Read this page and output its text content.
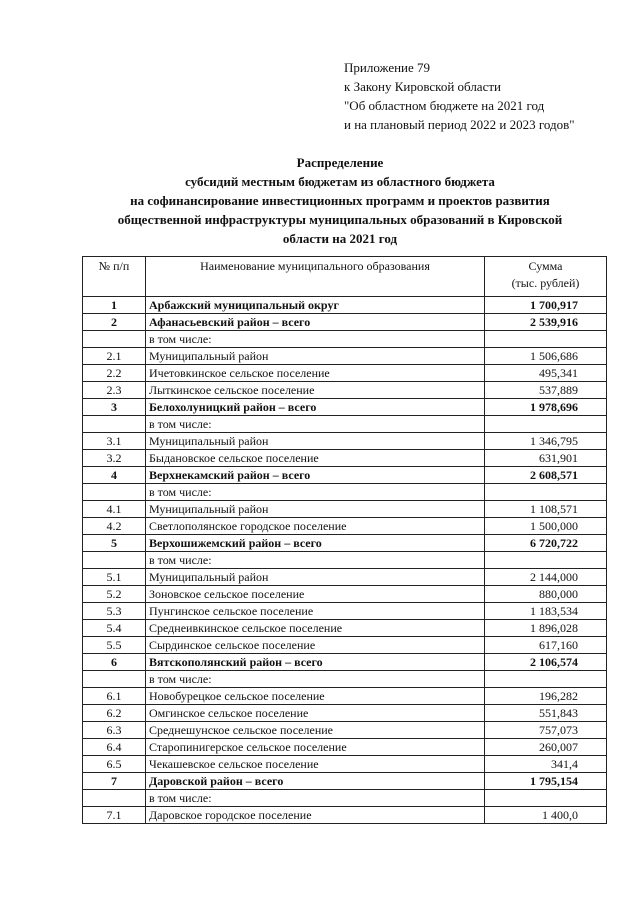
Приложение 79
к Закону Кировской области
"Об областном бюджете на 2021 год
и на плановый период 2022 и 2023 годов"
Распределение
субсидий местным бюджетам из областного бюджета
на софинансирование инвестиционных программ и проектов развития
общественной инфраструктуры муниципальных образований в Кировской
области на 2021 год
№ п/п	Наименование муниципального образования	Сумма
(тыс. рублей)

1	Арбажский муниципальный округ	1 700,917
2	Афанасьевский район – всего	2 539,916
	в том числе:	
2.1	Муниципальный район	1 506,686
2.2	Ичетовкинское сельское поселение	495,341
2.3	Лыткинское сельское поселение	537,889
3	Белохолуницкий район – всего	1 978,696
	в том числе:	
3.1	Муниципальный район	1 346,795
3.2	Быдановское сельское поселение	631,901
4	Верхнекамский район – всего	2 608,571
	в том числе:	
4.1	Муниципальный район	1 108,571
4.2	Светлополянское городское поселение	1 500,000
5	Верхошижемский район – всего	6 720,722
	в том числе:	
5.1	Муниципальный район	2 144,000
5.2	Зоновское сельское поселение	880,000
5.3	Пунгинское сельское поселение	1 183,534
5.4	Среднеивкинское сельское поселение	1 896,028
5.5	Сырдинское сельское поселение	617,160
6	Вятскополянский район – всего	2 106,574
	в том числе:	
6.1	Новобурецкое сельское поселение	196,282
6.2	Омгинское сельское поселение	551,843
6.3	Среднешунское сельское поселение	757,073
6.4	Старопинигерское сельское поселение	260,007
6.5	Чекашевское сельское поселение	341,4
7	Даровской район – всего	1 795,154
	в том числе:	
7.1	Даровское городское поселение	1 400,0
